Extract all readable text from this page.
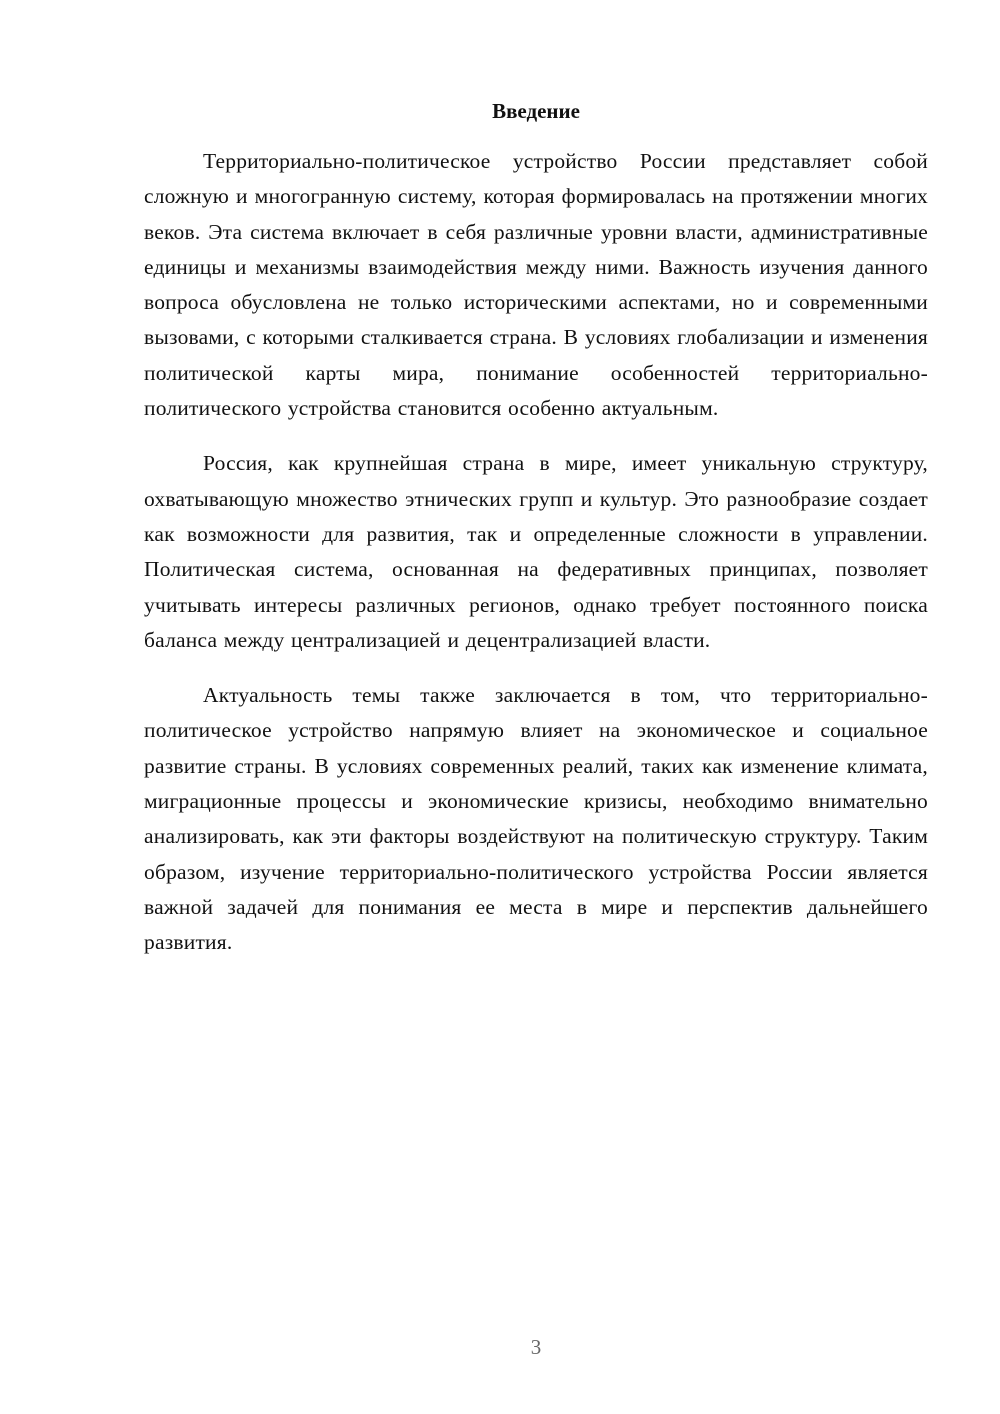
Введение

Территориально-политическое устройство России представляет собой сложную и многогранную систему, которая формировалась на протяжении многих веков. Эта система включает в себя различные уровни власти, административные единицы и механизмы взаимодействия между ними. Важность изучения данного вопроса обусловлена не только историческими аспектами, но и современными вызовами, с которыми сталкивается страна. В условиях глобализации и изменения политической карты мира, понимание особенностей территориально-политического устройства становится особенно актуальным.

Россия, как крупнейшая страна в мире, имеет уникальную структуру, охватывающую множество этнических групп и культур. Это разнообразие создает как возможности для развития, так и определенные сложности в управлении. Политическая система, основанная на федеративных принципах, позволяет учитывать интересы различных регионов, однако требует постоянного поиска баланса между централизацией и децентрализацией власти.

Актуальность темы также заключается в том, что территориально-политическое устройство напрямую влияет на экономическое и социальное развитие страны. В условиях современных реалий, таких как изменение климата, миграционные процессы и экономические кризисы, необходимо внимательно анализировать, как эти факторы воздействуют на политическую структуру. Таким образом, изучение территориально-политического устройства России является важной задачей для понимания ее места в мире и перспектив дальнейшего развития.

3
